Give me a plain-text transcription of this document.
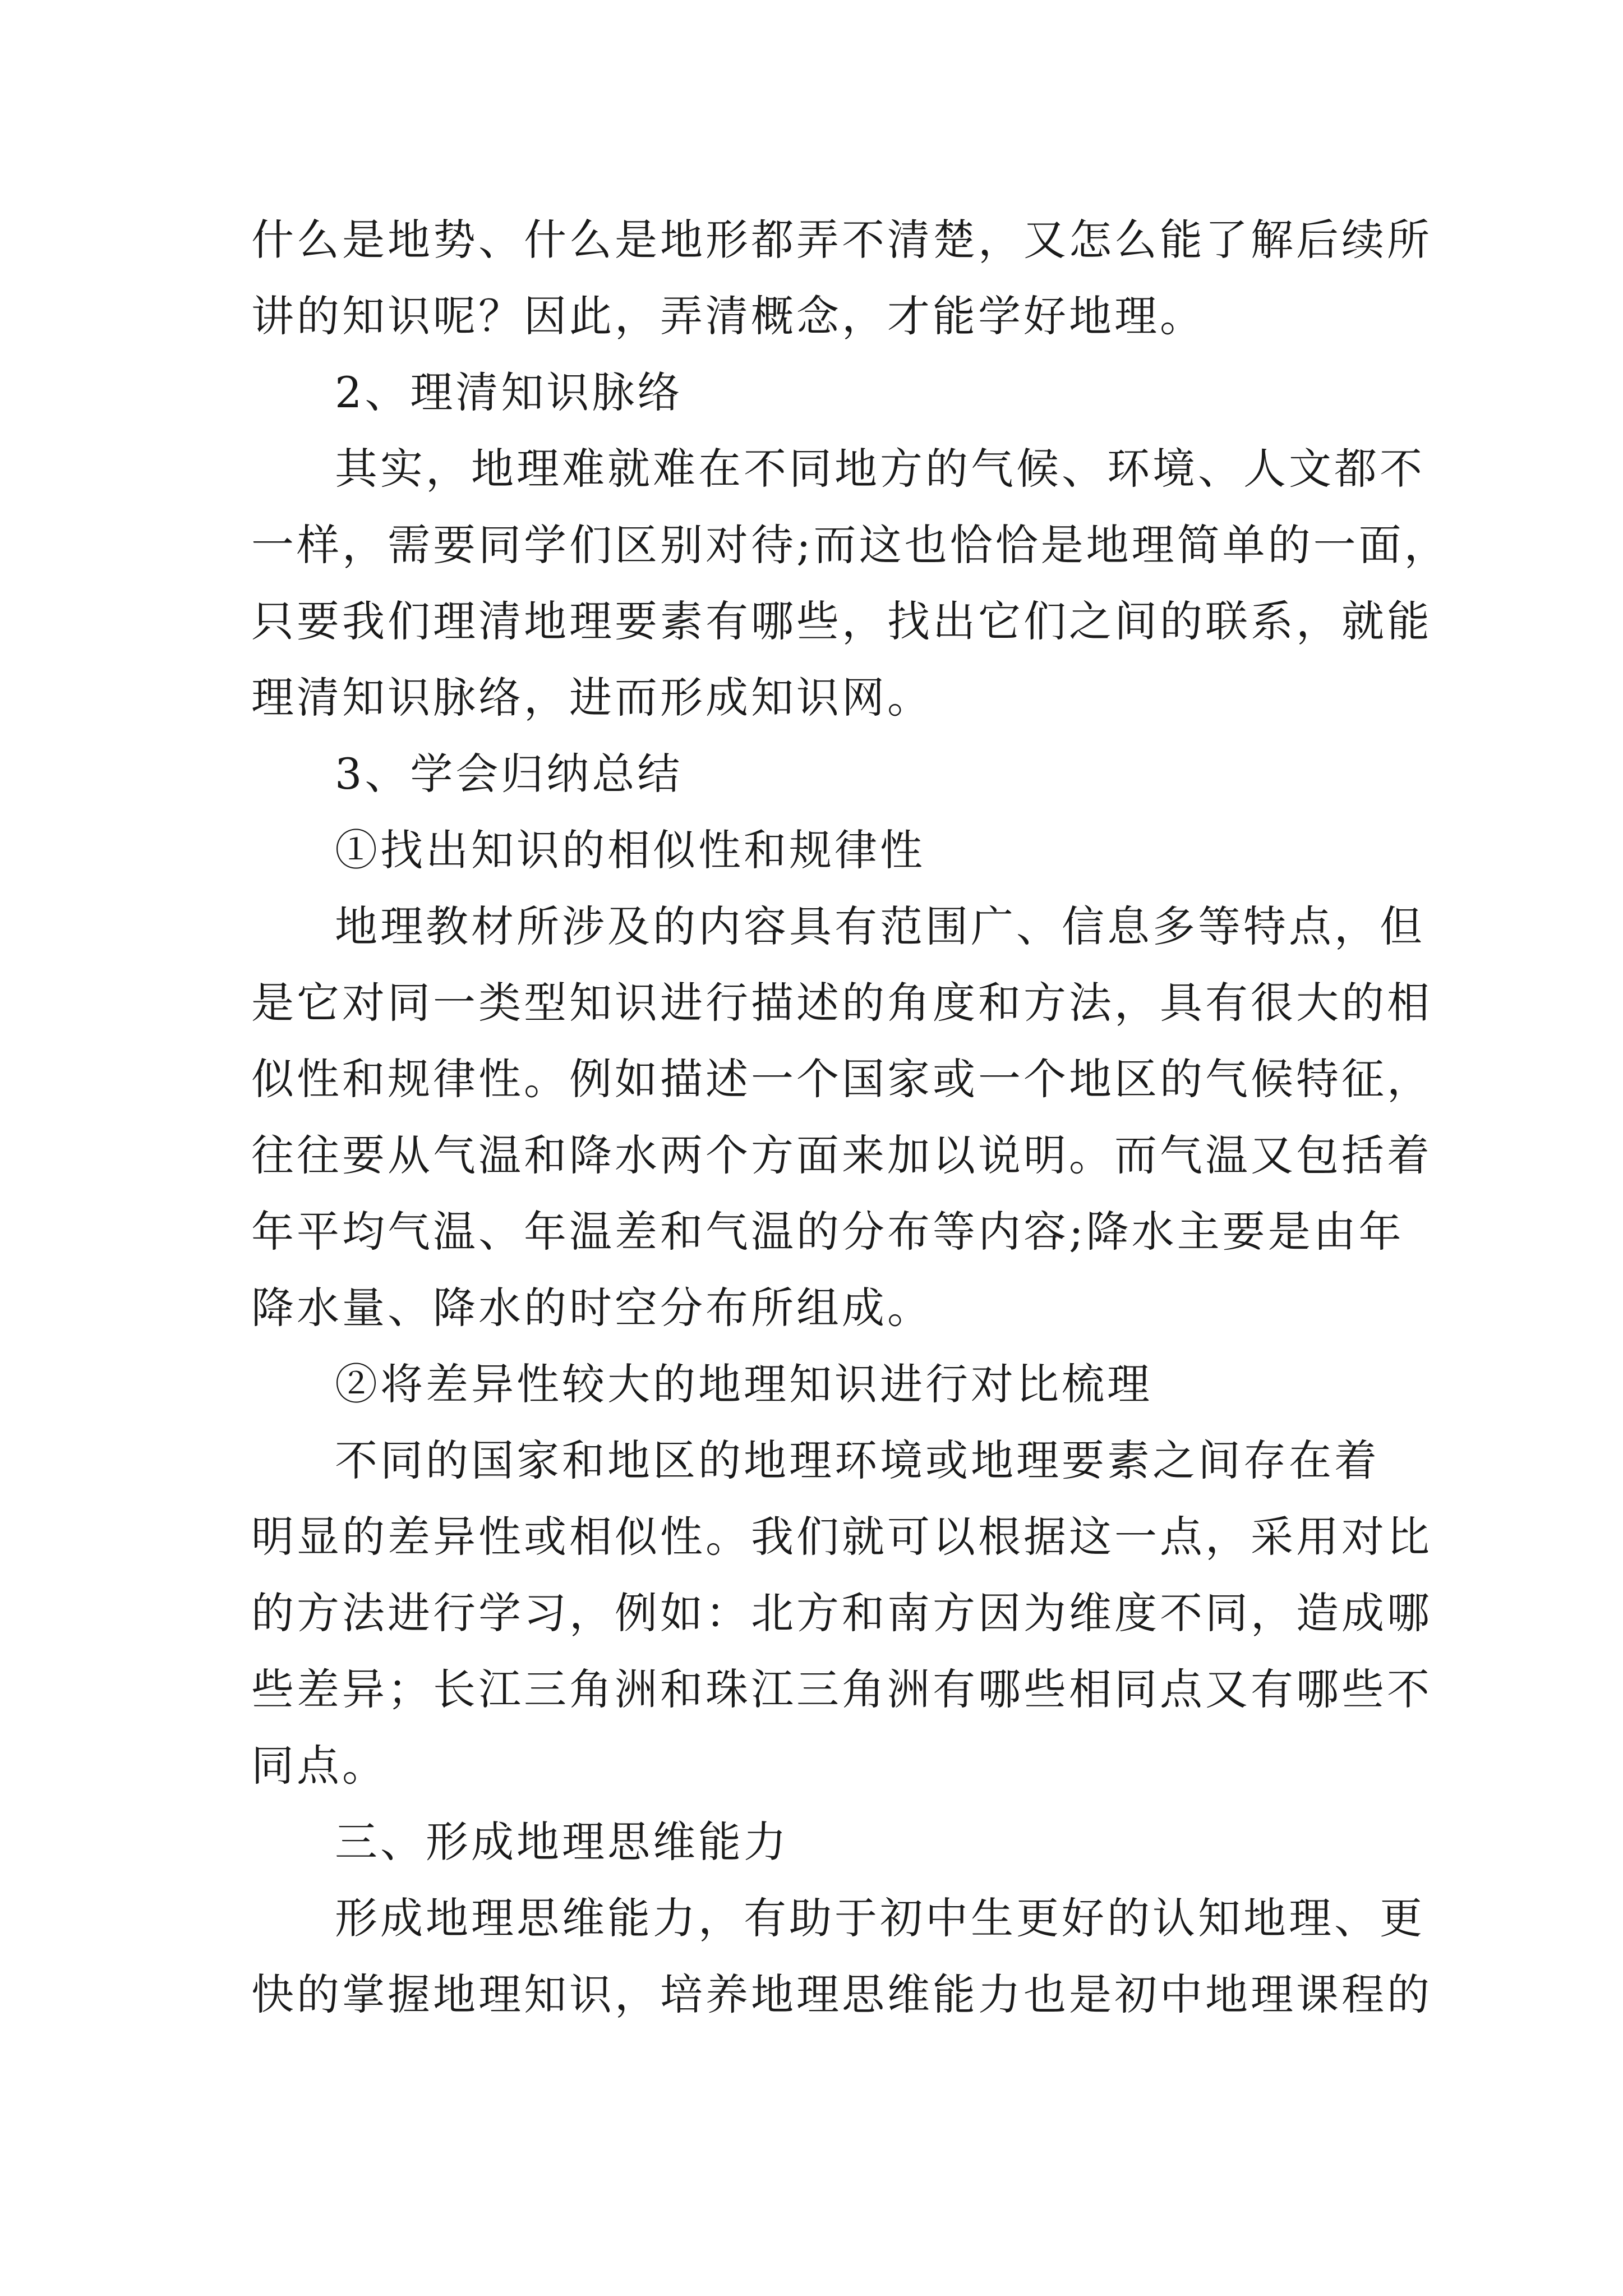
什么是地势、什么是地形都弄不清楚，又怎么能了解后续所
讲的知识呢？因此，弄清概念，才能学好地理。
2、理清知识脉络
其实，地理难就难在不同地方的气候、环境、人文都不
一样，需要同学们区别对待;而这也恰恰是地理简单的一面，
只要我们理清地理要素有哪些，找出它们之间的联系，就能
理清知识脉络，进而形成知识网。
3、学会归纳总结
①找出知识的相似性和规律性
地理教材所涉及的内容具有范围广、信息多等特点，但
是它对同一类型知识进行描述的角度和方法，具有很大的相
似性和规律性。例如描述一个国家或一个地区的气候特征，
往往要从气温和降水两个方面来加以说明。而气温又包括着
年平均气温、年温差和气温的分布等内容;降水主要是由年
降水量、降水的时空分布所组成。
②将差异性较大的地理知识进行对比梳理
不同的国家和地区的地理环境或地理要素之间存在着
明显的差异性或相似性。我们就可以根据这一点，采用对比
的方法进行学习，例如：北方和南方因为维度不同，造成哪
些差异；长江三角洲和珠江三角洲有哪些相同点又有哪些不
同点。
三、形成地理思维能力
形成地理思维能力，有助于初中生更好的认知地理、更
快的掌握地理知识，培养地理思维能力也是初中地理课程的
